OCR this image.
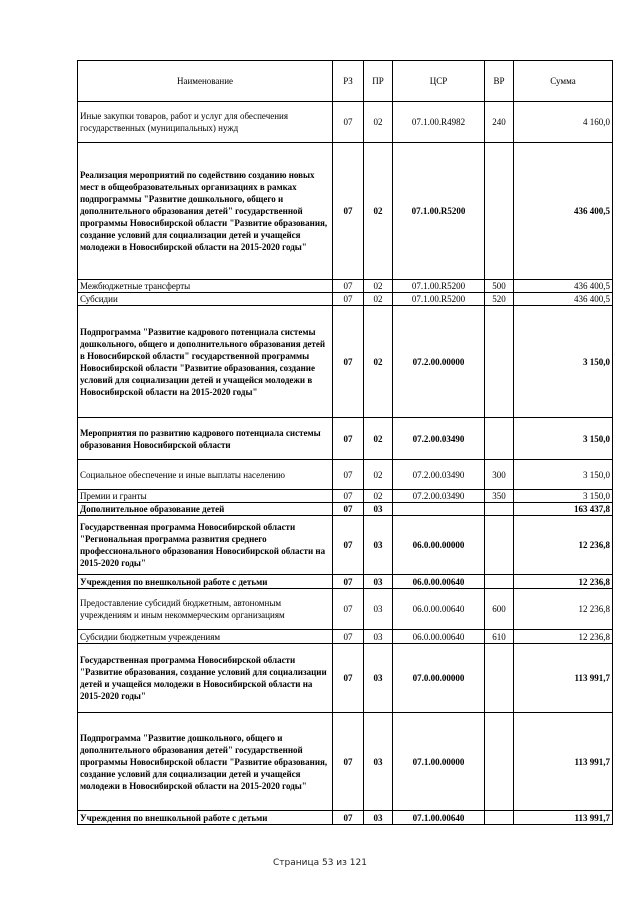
Наименование	РЗ	ПР	ЦСР	ВР	Сумма
Иные закупки товаров, работ и услуг для обеспечения государственных (муниципальных) нужд	07	02	07.1.00.R4982	240	4 160,0
Реализация мероприятий по содействию созданию новых мест в общеобразовательных организациях в рамках подпрограммы "Развитие дошкольного, общего и дополнительного образования детей" государственной программы Новосибирской области "Развитие образования, создание условий для социализации детей и учащейся молодежи в Новосибирской области на 2015-2020 годы"	07	02	07.1.00.R5200		436 400,5
Межбюджетные трансферты	07	02	07.1.00.R5200	500	436 400,5
Субсидии	07	02	07.1.00.R5200	520	436 400,5
Подпрограмма "Развитие кадрового потенциала системы дошкольного, общего и дополнительного образования детей в Новосибирской области" государственной программы Новосибирской области "Развитие образования, создание условий для социализации детей и учащейся молодежи в Новосибирской области на 2015-2020 годы"	07	02	07.2.00.00000		3 150,0
Мероприятия по развитию кадрового потенциала системы образования Новосибирской области	07	02	07.2.00.03490		3 150,0
Социальное обеспечение и иные выплаты населению	07	02	07.2.00.03490	300	3 150,0
Премии и гранты	07	02	07.2.00.03490	350	3 150,0
Дополнительное образование детей	07	03			163 437,8
Государственная программа Новосибирской области "Региональная программа развития среднего профессионального образования Новосибирской области на 2015-2020 годы"	07	03	06.0.00.00000		12 236,8
Учреждения по внешкольной работе с детьми	07	03	06.0.00.00640		12 236,8
Предоставление субсидий бюджетным, автономным учреждениям и иным некоммерческим организациям	07	03	06.0.00.00640	600	12 236,8
Субсидии бюджетным учреждениям	07	03	06.0.00.00640	610	12 236,8
Государственная программа Новосибирской области "Развитие образования, создание условий для социализации детей и учащейся молодежи в Новосибирской области на 2015-2020 годы"	07	03	07.0.00.00000		113 991,7
Подпрограмма "Развитие дошкольного, общего и дополнительного образования детей" государственной программы Новосибирской области "Развитие образования, создание условий для социализации детей и учащейся молодежи в Новосибирской области на 2015-2020 годы"	07	03	07.1.00.00000		113 991,7
Учреждения по внешкольной работе с детьми	07	03	07.1.00.00640		113 991,7
Страница 53 из 121
